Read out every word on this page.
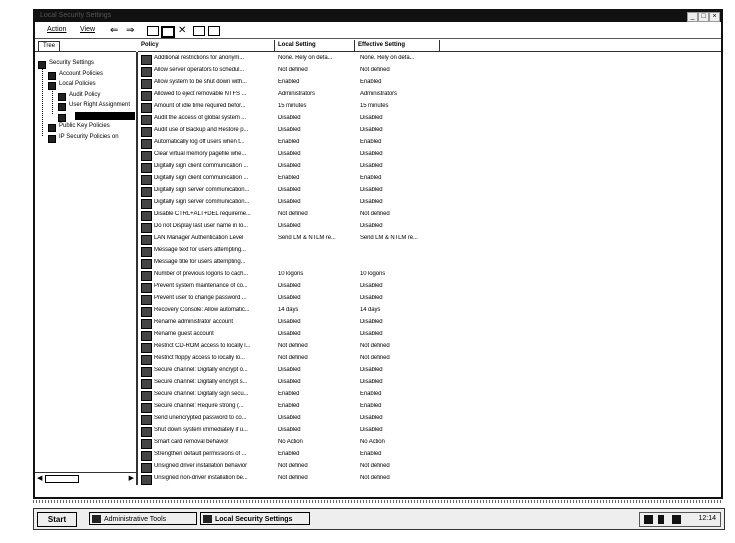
Local Security Settings	_ □ ×
Action View ⇐ ⇒	✕
Tree
Security Settings
Account Policies
Local Policies
Audit Policy
User Right Assignment
Public Key Policies
IP Security Policies on
◀	▶
Policy	Local Setting	Effective Setting
Additional restrictions for anonym...	None. Rely on defa...	None. Rely on defa...
Allow server operators to schedul...	Not defined	Not defined
Allow system to be shut down with...	Enabled	Enabled
Allowed to eject removable NTFS ...	Administrators	Administrators
Amount of idle time required befor...	15 minutes	15 minutes
Audit the access of global system ...	Disabled	Disabled
Audit use of Backup and Restore p...	Disabled	Disabled
Automatically log off users when t...	Enabled	Enabled
Clear virtual memory pagefile whe...	Disabled	Disabled
Digitally sign client communication ...	Disabled	Disabled
Digitally sign client communication ...	Enabled	Enabled
Digitally sign server communication...	Disabled	Disabled
Digitally sign server communication...	Disabled	Disabled
Disable CTRL+ALT+DEL requireme...	Not defined	Not defined
Do not Display last user name in lo...	Disabled	Disabled
LAN Manager Authentication Level	Send LM & NTLM re...	Send LM & NTLM re...
Message text for users attempting...
Message title for users attempting...
Number of previous logons to cach...	10 logons	10 logons
Prevent system maintenance of co...	Disabled	Disabled
Prevent user to change password ...	Disabled	Disabled
Recovery Console: Allow automatic...	14 days	14 days
Rename administrator account	Disabled	Disabled
Rename guest account	Disabled	Disabled
Restrict CD-ROM access to locally l...	Not defined	Not defined
Restrict floppy access to locally lo...	Not defined	Not defined
Secure channel: Digitally encrypt o...	Disabled	Disabled
Secure channel: Digitally encrypt s...	Disabled	Disabled
Secure channel: Digitally sign secu...	Enabled	Enabled
Secure channel: Require strong (...	Enabled	Enabled
Send unencrypted password to co...	Disabled	Disabled
Shut down system immediately if u...	Disabled	Disabled
Smart card removal behavior	No Action	No Action
Strengthen default permissions of ...	Enabled	Enabled
Unsigned driver installation behavior	Not defined	Not defined
Unsigned non-driver installation be...	Not defined	Not defined
Start	Administrative Tools	Local Security Settings	12:14
